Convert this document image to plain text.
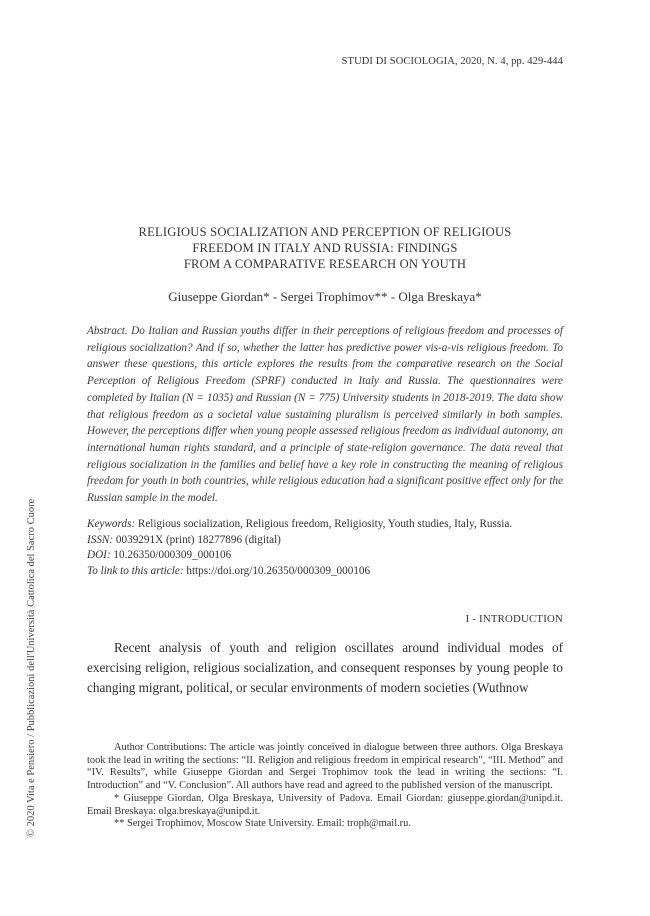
STUDI DI SOCIOLOGIA, 2020, N. 4, pp. 429-444
© 2020 Vita e Pensiero / Pubblicazioni dell'Università Cattolica del Sacro Cuore
RELIGIOUS SOCIALIZATION AND PERCEPTION OF RELIGIOUS
FREEDOM IN ITALY AND RUSSIA: FINDINGS
FROM A COMPARATIVE RESEARCH ON YOUTH
Giuseppe Giordan* - Sergei Trophimov** - Olga Breskaya*
Abstract. Do Italian and Russian youths differ in their perceptions of religious freedom and processes of religious socialization? And if so, whether the latter has predictive power vis-a-vis religious freedom. To answer these questions, this article explores the results from the comparative research on the Social Perception of Religious Freedom (SPRF) conducted in Italy and Russia. The questionnaires were completed by Italian (N = 1035) and Russian (N = 775) University students in 2018-2019. The data show that religious freedom as a societal value sustaining pluralism is perceived similarly in both samples. However, the perceptions differ when young people assessed religious freedom as individual autonomy, an international human rights standard, and a principle of state-religion governance. The data reveal that religious socialization in the families and belief have a key role in constructing the meaning of religious freedom for youth in both countries, while religious education had a significant positive effect only for the Russian sample in the model.
Keywords: Religious socialization, Religious freedom, Religiosity, Youth studies, Italy, Russia.
ISSN: 0039291X (print) 18277896 (digital)
DOI: 10.26350/000309_000106
To link to this article: https://doi.org/10.26350/000309_000106
I - INTRODUCTION
Recent analysis of youth and religion oscillates around individual modes of exercising religion, religious socialization, and consequent responses by young people to changing migrant, political, or secular environments of modern societies (Wuthnow

Author Contributions: The article was jointly conceived in dialogue between three authors. Olga Breskaya took the lead in writing the sections: “II. Religion and religious freedom in empirical research”, “III. Method” and “IV. Results”, while Giuseppe Giordan and Sergei Trophimov took the lead in writing the sections: “I. Introduction” and “V. Conclusion”. All authors have read and agreed to the published version of the manuscript.

* Giuseppe Giordan, Olga Breskaya, University of Padova. Email Giordan: giuseppe.giordan@unipd.it. Email Breskaya: olga.breskaya@unipd.it.

** Sergei Trophimov, Moscow State University. Email: troph@mail.ru.
